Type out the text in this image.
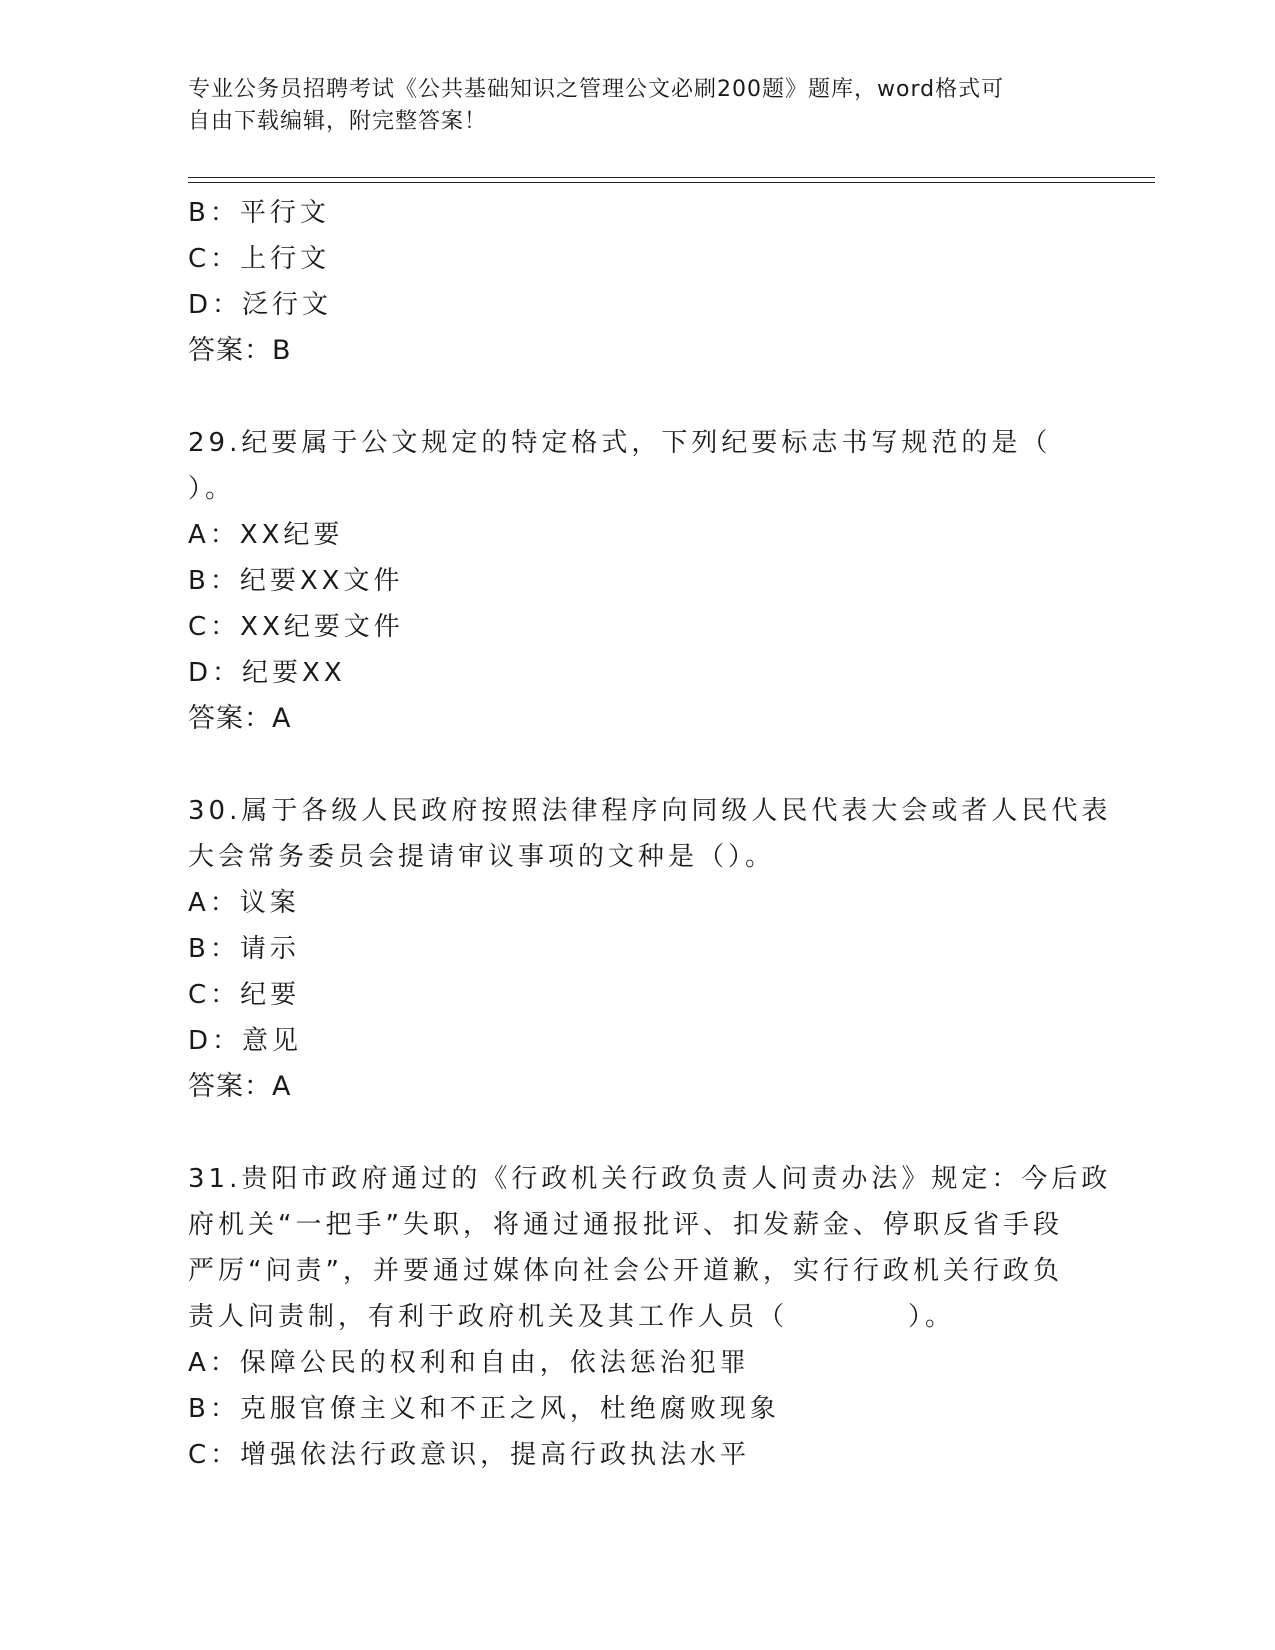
专业公务员招聘考试《公共基础知识之管理公文必刷200题》题库，word格式可
自由下载编辑，附完整答案！
B：平行文
C：上行文
D：泛行文
答案：B
29.纪要属于公文规定的特定格式，下列纪要标志书写规范的是（
）。
A：XX纪要
B：纪要XX文件
C：XX纪要文件
D：纪要XX
答案：A
30.属于各级人民政府按照法律程序向同级人民代表大会或者人民代表
大会常务委员会提请审议事项的文种是（）。
A：议案
B：请示
C：纪要
D：意见
答案：A
31.贵阳市政府通过的《行政机关行政负责人问责办法》规定：今后政
府机关“一把手”失职，将通过通报批评、扣发薪金、停职反省手段
严厉“问责”，并要通过媒体向社会公开道歉，实行行政机关行政负
责人问责制，有利于政府机关及其工作人员（　　　　）。
A：保障公民的权利和自由，依法惩治犯罪
B：克服官僚主义和不正之风，杜绝腐败现象
C：增强依法行政意识，提高行政执法水平
